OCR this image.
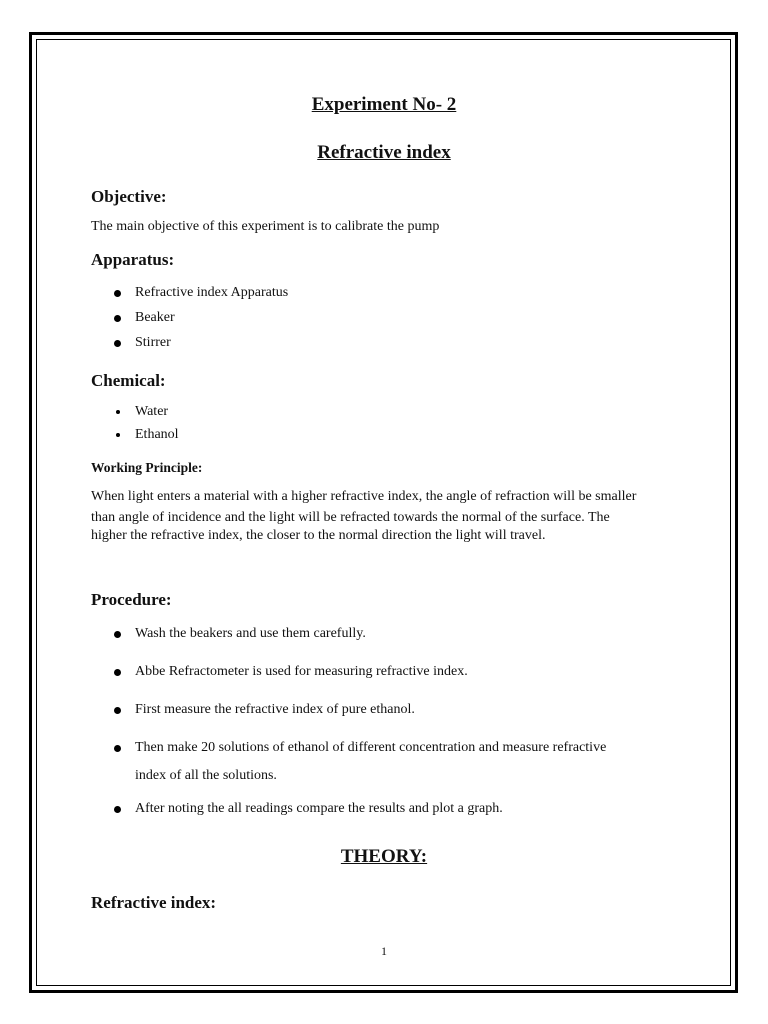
Experiment No- 2
Refractive index
Objective:

The main objective of this experiment is to calibrate the pump

Apparatus:
Refractive index Apparatus
Beaker
Stirrer
Chemical:
Water
Ethanol
Working Principle:
When light enters a material with a higher refractive index, the angle of refraction will be smaller
than angle of incidence and the light will be refracted towards the normal of the surface. The
higher the refractive index, the closer to the normal direction the light will travel.
Procedure:
Wash the beakers and use them carefully.
Abbe Refractometer is used for measuring refractive index.
First measure the refractive index of pure ethanol.
Then make 20 solutions of ethanol of different concentration and measure refractive
index of all the solutions.
After noting the all readings compare the results and plot a graph.
THEORY:
Refractive index:
1
